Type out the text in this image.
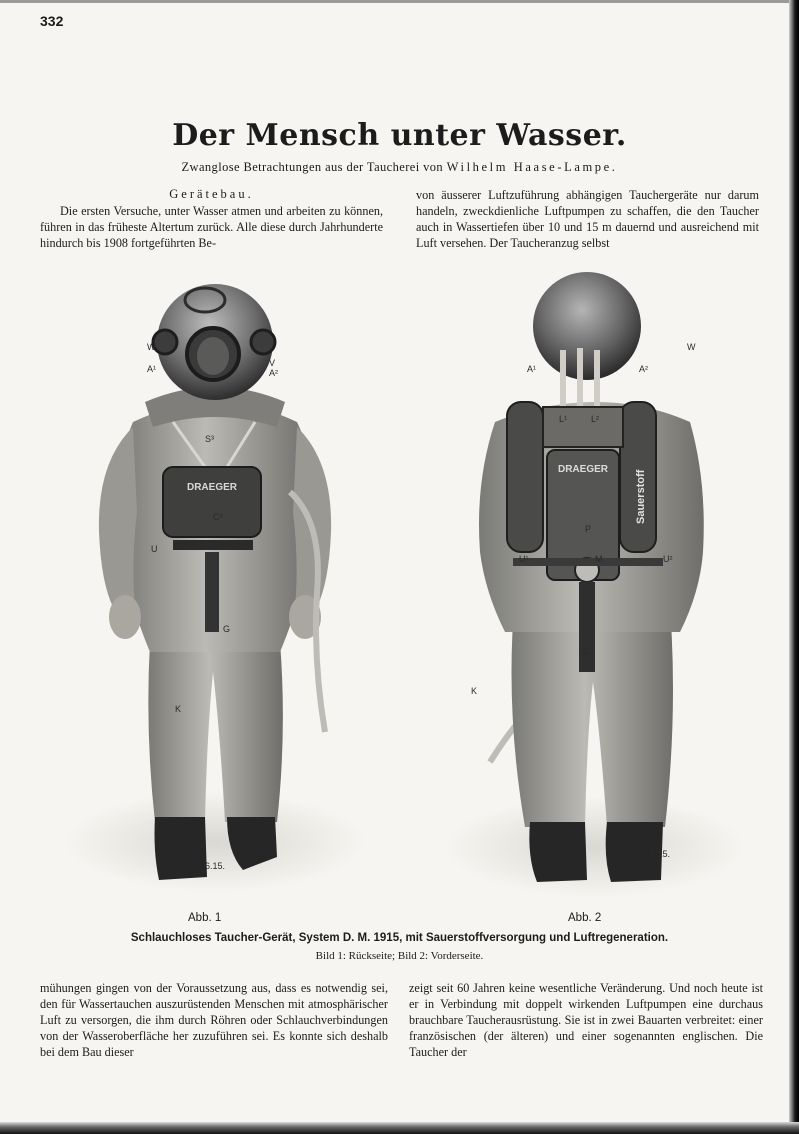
332
Der Mensch unter Wasser.
Zwanglose Betrachtungen aus der Taucherei von Wilhelm Haase-Lampe.
Gerätebau.

Die ersten Versuche, unter Wasser atmen und arbeiten zu können, führen in das früheste Altertum zurück. Alle diese durch Jahrhunderte hindurch bis 1908 fortgeführten Be-

von äusserer Luftzuführung abhängigen Tauchergeräte nur darum handeln, zweckdienliche Luftpumpen zu schaffen, die den Taucher auch in Wassertiefen über 10 und 15 m dauernd und ausreichend mit Luft versehen. Der Taucheranzug selbst

DRAEGER
6.15.
W
A¹
V
A²
S³
C³
U
G
K
Sauerstoff
DRAEGER
6.15.
W
A¹	A²
L¹	L²
U¹	U²
P
M
G
K
Abb. 1	Abb. 2
Schlauchloses Taucher-Gerät, System D. M. 1915, mit Sauerstoffversorgung und Luftregeneration.
Bild 1: Rückseite; Bild 2: Vorderseite.

mühungen gingen von der Voraussetzung aus, dass es notwendig sei, den für Wassertauchen auszurüstenden Menschen mit atmosphärischer Luft zu versorgen, die ihm durch Röhren oder Schlauchverbindungen von der Wasseroberfläche her zuzuführen sei. Es konnte sich deshalb bei dem Bau dieser

zeigt seit 60 Jahren keine wesentliche Veränderung. Und noch heute ist er in Verbindung mit doppelt wirkenden Luftpumpen eine durchaus brauchbare Taucherausrüstung. Sie ist in zwei Bauarten verbreitet: einer französischen (der älteren) und einer sogenannten englischen. Die Taucher der
